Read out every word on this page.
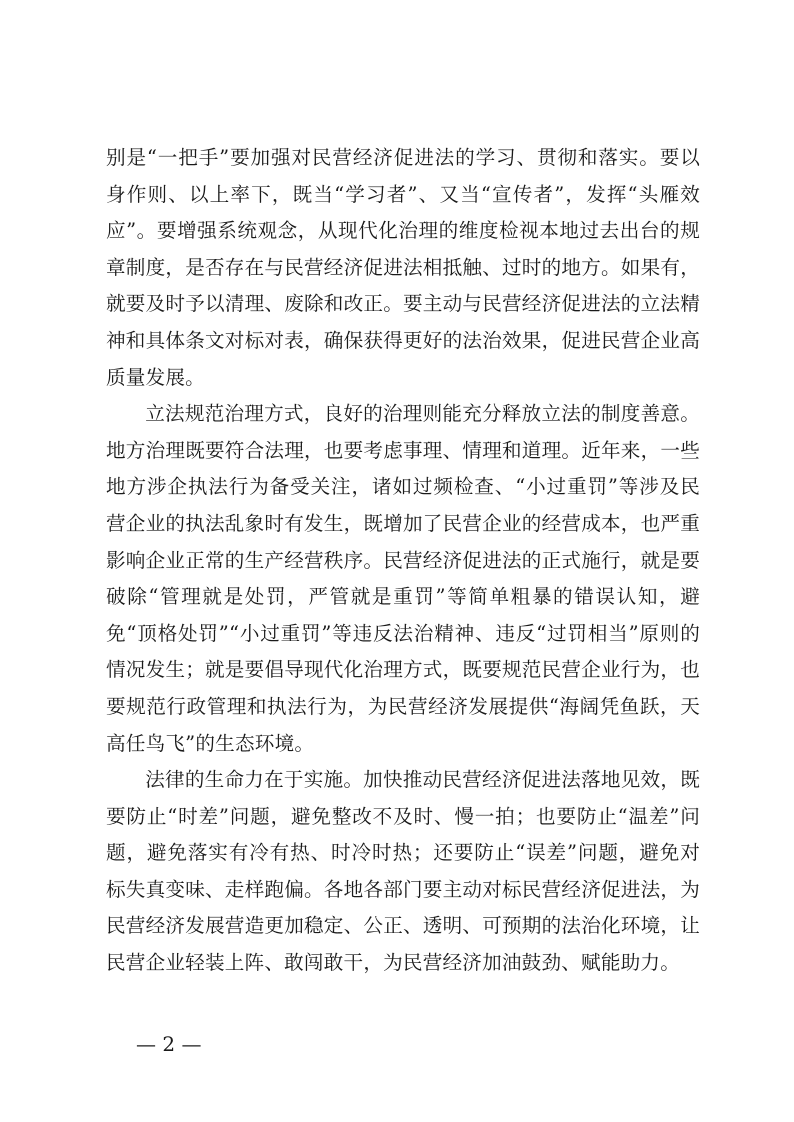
别是“一把手”要加强对民营经济促进法的学习、贯彻和落实。要以身作则、以上率下，既当“学习者”、又当“宣传者”，发挥“头雁效应”。要增强系统观念，从现代化治理的维度检视本地过去出台的规章制度，是否存在与民营经济促进法相抵触、过时的地方。如果有，就要及时予以清理、废除和改正。要主动与民营经济促进法的立法精神和具体条文对标对表，确保获得更好的法治效果，促进民营企业高质量发展。

立法规范治理方式，良好的治理则能充分释放立法的制度善意。地方治理既要符合法理，也要考虑事理、情理和道理。近年来，一些地方涉企执法行为备受关注，诸如过频检查、“小过重罚”等涉及民营企业的执法乱象时有发生，既增加了民营企业的经营成本，也严重影响企业正常的生产经营秩序。民营经济促进法的正式施行，就是要破除“管理就是处罚，严管就是重罚”等简单粗暴的错误认知，避免“顶格处罚”“小过重罚”等违反法治精神、违反“过罚相当”原则的情况发生；就是要倡导现代化治理方式，既要规范民营企业行为，也要规范行政管理和执法行为，为民营经济发展提供“海阔凭鱼跃，天高任鸟飞”的生态环境。

法律的生命力在于实施。加快推动民营经济促进法落地见效，既要防止“时差”问题，避免整改不及时、慢一拍；也要防止“温差”问题，避免落实有冷有热、时冷时热；还要防止“误差”问题，避免对标失真变味、走样跑偏。各地各部门要主动对标民营经济促进法，为民营经济发展营造更加稳定、公正、透明、可预期的法治化环境，让民营企业轻装上阵、敢闯敢干，为民营经济加油鼓劲、赋能助力。

— 2 —
